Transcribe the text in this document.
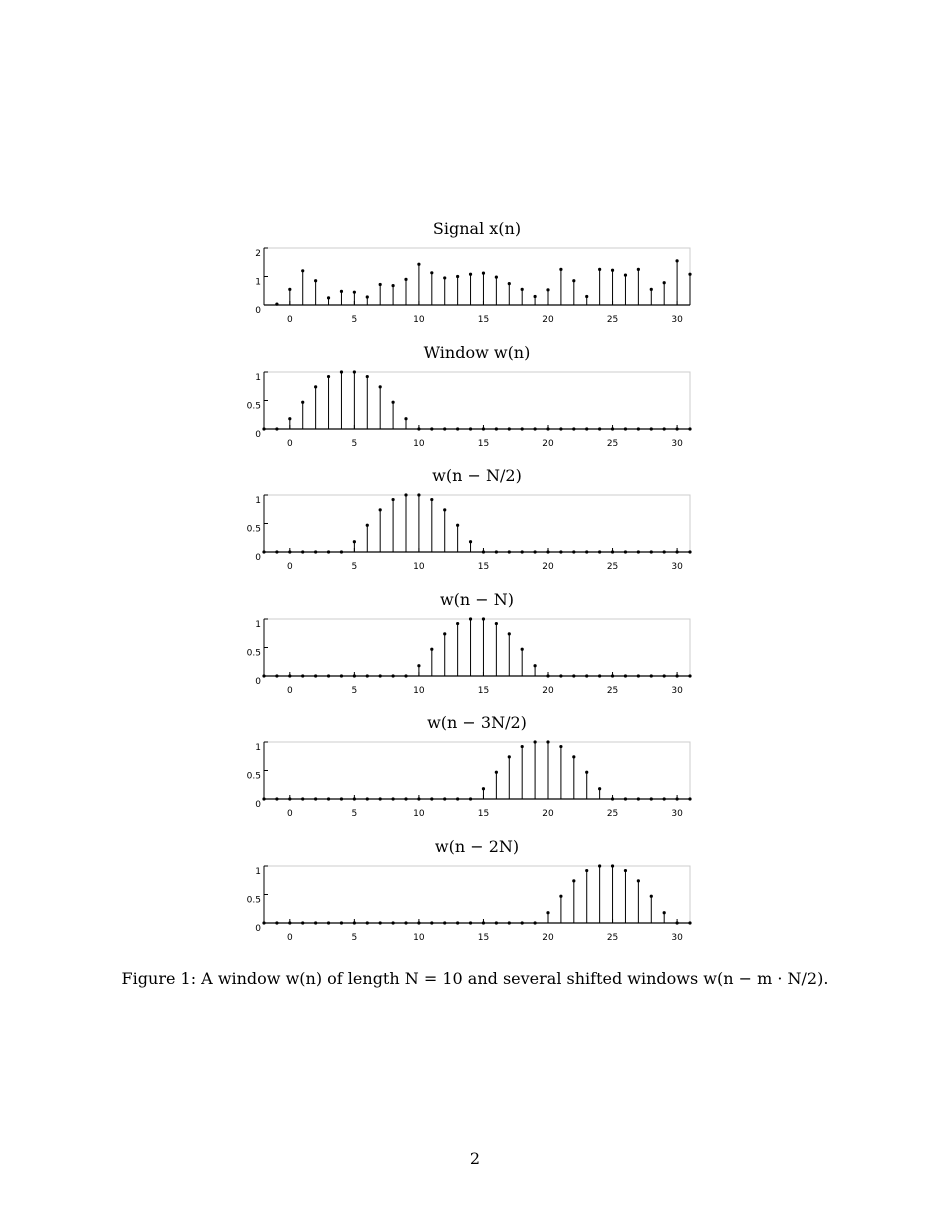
Signal x(n)
0
1
2
0	5	10	15	20	25	30
Window w(n)
0
0.5
1
0	5	10	15	20	25	30
w(n − N/2)
0
0.5
1
0	5	10	15	20	25	30
w(n − N)
0
0.5
1
0	5	10	15	20	25	30
w(n − 3N/2)
0
0.5
1
0	5	10	15	20	25	30
w(n − 2N)
0
0.5
1
0	5	10	15	20	25	30
Figure 1: A window w(n) of length N = 10 and several shifted windows w(n − m · N/2).
2
